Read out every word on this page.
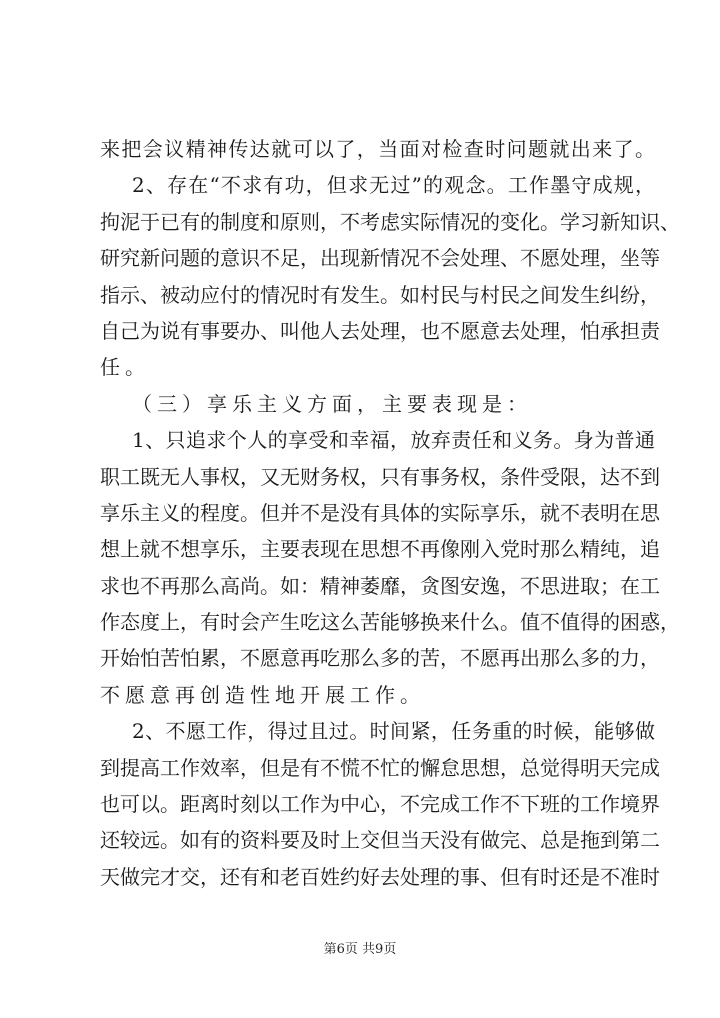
来把会议精神传达就可以了，当面对检查时问题就出来了。
2、存在“不求有功，但求无过”的观念。工作墨守成规，
拘泥于已有的制度和原则，不考虑实际情况的变化。学习新知识、
研究新问题的意识不足，出现新情况不会处理、不愿处理，坐等
指示、被动应付的情况时有发生。如村民与村民之间发生纠纷，
自己为说有事要办、叫他人去处理，也不愿意去处理，怕承担责
任。
（三）享乐主义方面，主要表现是：
1、只追求个人的享受和幸福，放弃责任和义务。身为普通
职工既无人事权，又无财务权，只有事务权，条件受限，达不到
享乐主义的程度。但并不是没有具体的实际享乐，就不表明在思
想上就不想享乐，主要表现在思想不再像刚入党时那么精纯，追
求也不再那么高尚。如：精神萎靡，贪图安逸，不思进取；在工
作态度上，有时会产生吃这么苦能够换来什么。值不值得的困惑，
开始怕苦怕累，不愿意再吃那么多的苦，不愿再出那么多的力，
不愿意再创造性地开展工作。
2、不愿工作，得过且过。时间紧，任务重的时候，能够做
到提高工作效率，但是有不慌不忙的懈怠思想，总觉得明天完成
也可以。距离时刻以工作为中心，不完成工作不下班的工作境界
还较远。如有的资料要及时上交但当天没有做完、总是拖到第二
天做完才交，还有和老百姓约好去处理的事、但有时还是不准时
第6页 共9页
